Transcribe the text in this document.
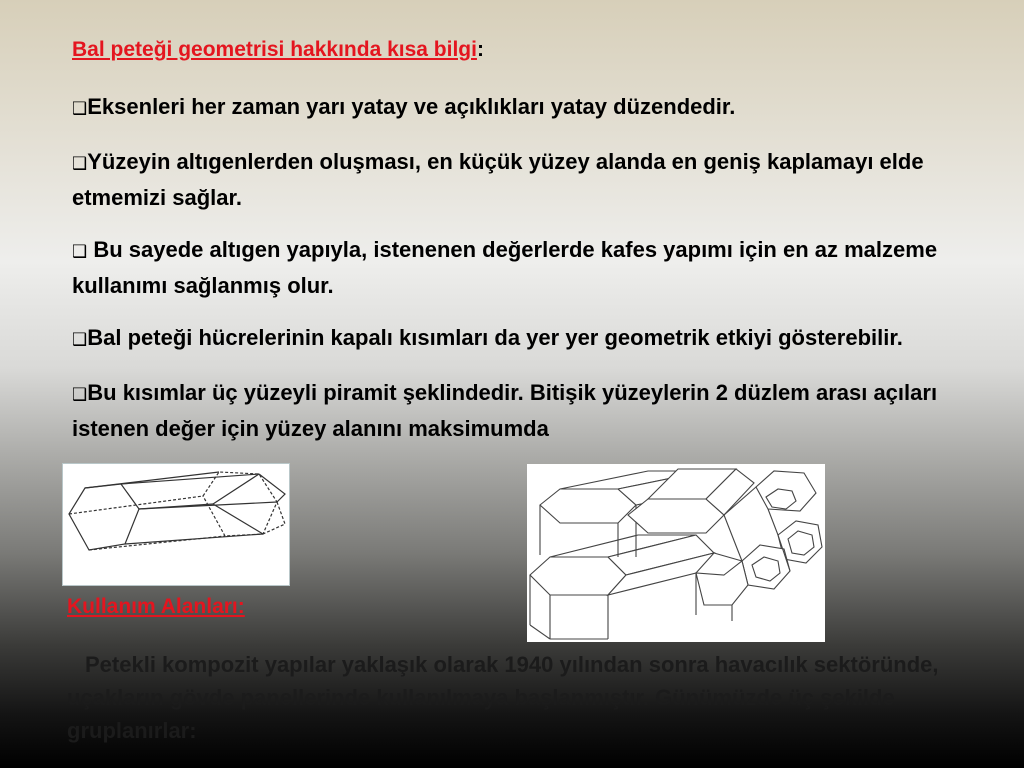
Bal peteği geometrisi hakkında kısa bilgi:
❑Eksenleri her zaman yarı yatay ve açıklıkları yatay düzendedir.
❑Yüzeyin altıgenlerden oluşması, en küçük yüzey alanda en geniş kaplamayı elde etmemizi sağlar.
❑ Bu sayede altıgen yapıyla, istenenen değerlerde kafes yapımı için en az malzeme kullanımı sağlanmış olur.
❑Bal peteği hücrelerinin kapalı kısımları da yer yer geometrik etkiyi gösterebilir.
❑Bu kısımlar üç yüzeyli piramit şeklindedir. Bitişik yüzeylerin 2 düzlem arası açıları istenen değer için yüzey alanını maksimumda
Kullanım Alanları:
Petekli kompozit yapılar yaklaşık olarak 1940 yılından sonra havacılık sektöründe, uçakların gövde panellerinde kullanılmaya başlanmıştır. Günümüzde üç şekilde gruplanırlar:
